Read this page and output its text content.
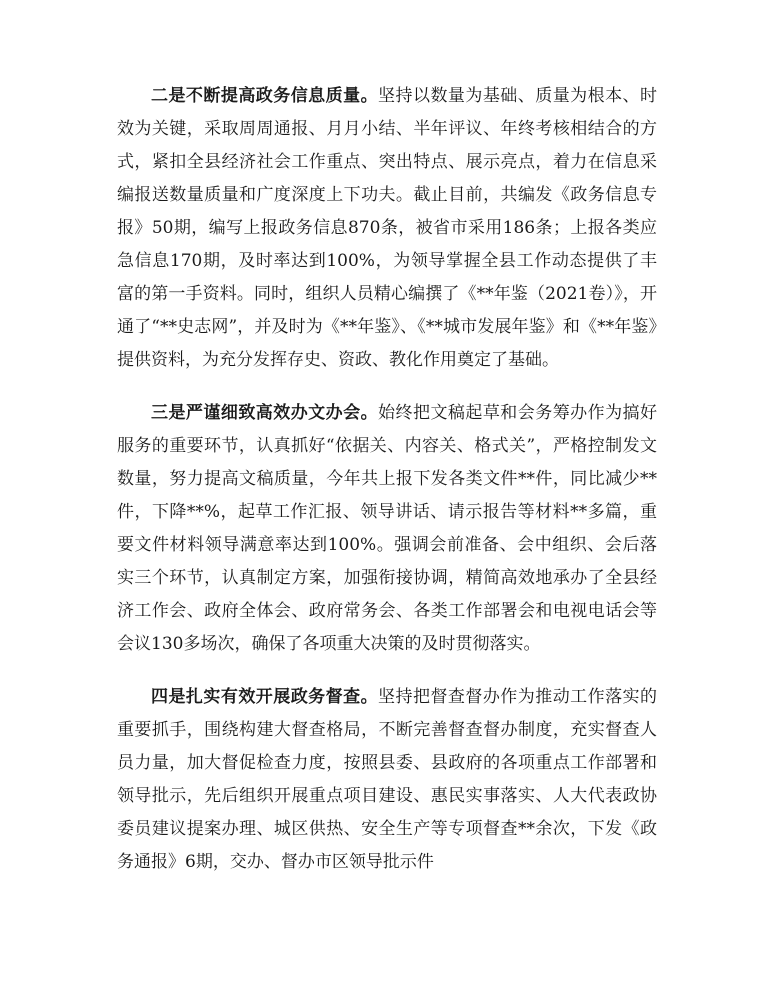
二是不断提高政务信息质量。坚持以数量为基础、质量为根本、时效为关键，采取周周通报、月月小结、半年评议、年终考核相结合的方式，紧扣全县经济社会工作重点、突出特点、展示亮点，着力在信息采编报送数量质量和广度深度上下功夫。截止目前，共编发《政务信息专报》50期，编写上报政务信息870条，被省市采用186条；上报各类应急信息170期，及时率达到100%，为领导掌握全县工作动态提供了丰富的第一手资料。同时，组织人员精心编撰了《**年鉴（2021卷）》，开通了“**史志网”，并及时为《**年鉴》、《**城市发展年鉴》和《**年鉴》提供资料，为充分发挥存史、资政、教化作用奠定了基础。

三是严谨细致高效办文办会。始终把文稿起草和会务筹办作为搞好服务的重要环节，认真抓好“依据关、内容关、格式关”，严格控制发文数量，努力提高文稿质量，今年共上报下发各类文件**件，同比减少**件，下降**%，起草工作汇报、领导讲话、请示报告等材料**多篇，重要文件材料领导满意率达到100%。强调会前准备、会中组织、会后落实三个环节，认真制定方案，加强衔接协调，精简高效地承办了全县经济工作会、政府全体会、政府常务会、各类工作部署会和电视电话会等会议130多场次，确保了各项重大决策的及时贯彻落实。

四是扎实有效开展政务督查。坚持把督查督办作为推动工作落实的重要抓手，围绕构建大督查格局，不断完善督查督办制度，充实督查人员力量，加大督促检查力度，按照县委、县政府的各项重点工作部署和领导批示，先后组织开展重点项目建设、惠民实事落实、人大代表政协委员建议提案办理、城区供热、安全生产等专项督查**余次，下发《政务通报》6期，交办、督办市区领导批示件
